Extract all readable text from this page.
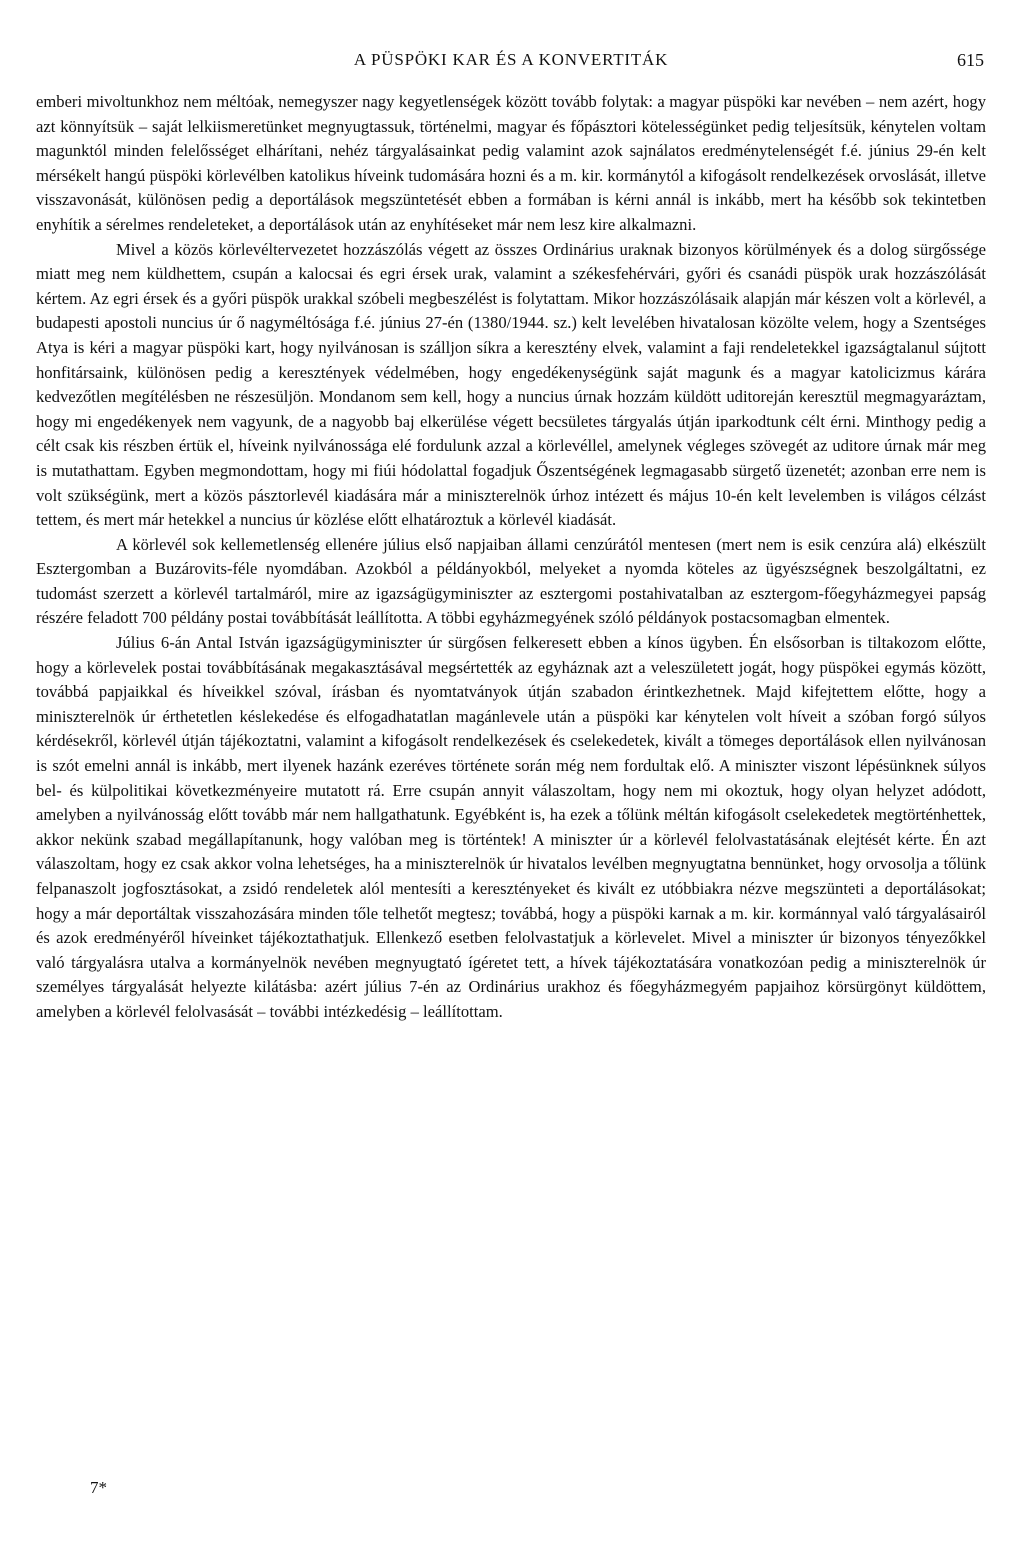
A PÜSPÖKI KAR ÉS A KONVERTITÁK	615

emberi mivoltunkhoz nem méltóak, nemegyszer nagy kegyetlenségek között tovább folytak: a magyar püspöki kar nevében – nem azért, hogy azt könnyítsük – saját lelkiismeretünket megnyugtassuk, történelmi, magyar és főpásztori kötelességünket pedig teljesítsük, kénytelen voltam magunktól minden felelősséget elhárítani, nehéz tárgyalásainkat pedig valamint azok sajnálatos eredménytelenségét f.é. június 29-én kelt mérsékelt hangú püspöki körlevélben katolikus híveink tudomására hozni és a m. kir. kormánytól a kifogásolt rendelkezések orvoslását, illetve visszavonását, különösen pedig a deportálások megszüntetését ebben a formában is kérni annál is inkább, mert ha később sok tekintetben enyhítik a sérelmes rendeleteket, a deportálások után az enyhítéseket már nem lesz kire alkalmazni.

Mivel a közös körlevéltervezetet hozzászólás végett az összes Ordinárius uraknak bizonyos körülmények és a dolog sürgőssége miatt meg nem küldhettem, csupán a kalocsai és egri érsek urak, valamint a székesfehérvári, győri és csanádi püspök urak hozzászólását kértem. Az egri érsek és a győri püspök urakkal szóbeli megbeszélést is folytattam. Mikor hozzászólásaik alapján már készen volt a körlevél, a budapesti apostoli nuncius úr ő nagyméltósága f.é. június 27-én (1380/1944. sz.) kelt levelében hivatalosan közölte velem, hogy a Szentséges Atya is kéri a magyar püspöki kart, hogy nyilvánosan is szálljon síkra a keresztény elvek, valamint a faji rendeletekkel igazságtalanul sújtott honfitársaink, különösen pedig a keresztények védelmében, hogy engedékenységünk saját magunk és a magyar katolicizmus kárára kedvezőtlen megítélésben ne részesüljön. Mondanom sem kell, hogy a nuncius úrnak hozzám küldött uditoreján keresztül megmagyaráztam, hogy mi engedékenyek nem vagyunk, de a nagyobb baj elkerülése végett becsületes tárgyalás útján iparkodtunk célt érni. Minthogy pedig a célt csak kis részben értük el, híveink nyilvánossága elé fordulunk azzal a körlevéllel, amelynek végleges szövegét az uditore úrnak már meg is mutathattam. Egyben megmondottam, hogy mi fiúi hódolattal fogadjuk Őszentségének legmagasabb sürgető üzenetét; azonban erre nem is volt szükségünk, mert a közös pásztorlevél kiadására már a miniszterelnök úrhoz intézett és május 10-én kelt levelemben is világos célzást tettem, és mert már hetekkel a nuncius úr közlése előtt elhatároztuk a körlevél kiadását.

A körlevél sok kellemetlenség ellenére július első napjaiban állami cenzúrától mentesen (mert nem is esik cenzúra alá) elkészült Esztergomban a Buzárovits-féle nyomdában. Azokból a példányokból, melyeket a nyomda köteles az ügyészségnek beszolgáltatni, ez tudomást szerzett a körlevél tartalmáról, mire az igazságügyminiszter az esztergomi postahivatalban az esztergom-főegyházmegyei papság részére feladott 700 példány postai továbbítását leállította. A többi egyházmegyének szóló példányok postacsomagban elmentek.

Július 6-án Antal István igazságügyminiszter úr sürgősen felkeresett ebben a kínos ügyben. Én elsősorban is tiltakozom előtte, hogy a körlevelek postai továbbításának megakasztásával megsértették az egyháznak azt a veleszületett jogát, hogy püspökei egymás között, továbbá papjaikkal és híveikkel szóval, írásban és nyomtatványok útján szabadon érintkezhetnek. Majd kifejtettem előtte, hogy a miniszterelnök úr érthetetlen késlekedése és elfogadhatatlan magánlevele után a püspöki kar kénytelen volt híveit a szóban forgó súlyos kérdésekről, körlevél útján tájékoztatni, valamint a kifogásolt rendelkezések és cselekedetek, kivált a tömeges deportálások ellen nyilvánosan is szót emelni annál is inkább, mert ilyenek hazánk ezeréves története során még nem fordultak elő. A miniszter viszont lépésünknek súlyos bel- és külpolitikai következményeire mutatott rá. Erre csupán annyit válaszoltam, hogy nem mi okoztuk, hogy olyan helyzet adódott, amelyben a nyilvánosság előtt tovább már nem hallgathatunk. Egyébként is, ha ezek a tőlünk méltán kifogásolt cselekedetek megtörténhettek, akkor nekünk szabad megállapítanunk, hogy valóban meg is történtek! A miniszter úr a körlevél felolvastatásának elejtését kérte. Én azt válaszoltam, hogy ez csak akkor volna lehetséges, ha a miniszterelnök úr hivatalos levélben megnyugtatna bennünket, hogy orvosolja a tőlünk felpanaszolt jogfosztásokat, a zsidó rendeletek alól mentesíti a keresztényeket és kivált ez utóbbiakra nézve megszünteti a deportálásokat; hogy a már deportáltak visszahozására minden tőle telhetőt megtesz; továbbá, hogy a püspöki karnak a m. kir. kormánnyal való tárgyalásairól és azok eredményéről híveinket tájékoztathatjuk. Ellenkező esetben felolvastatjuk a körlevelet. Mivel a miniszter úr bizonyos tényezőkkel való tárgyalásra utalva a kormányelnök nevében megnyugtató ígéretet tett, a hívek tájékoztatására vonatkozóan pedig a miniszterelnök úr személyes tárgyalását helyezte kilátásba: azért július 7-én az Ordinárius urakhoz és főegyházmegyém papjaihoz körsürgönyt küldöttem, amelyben a körlevél felolvasását – további intézkedésig – leállítottam.

7*
